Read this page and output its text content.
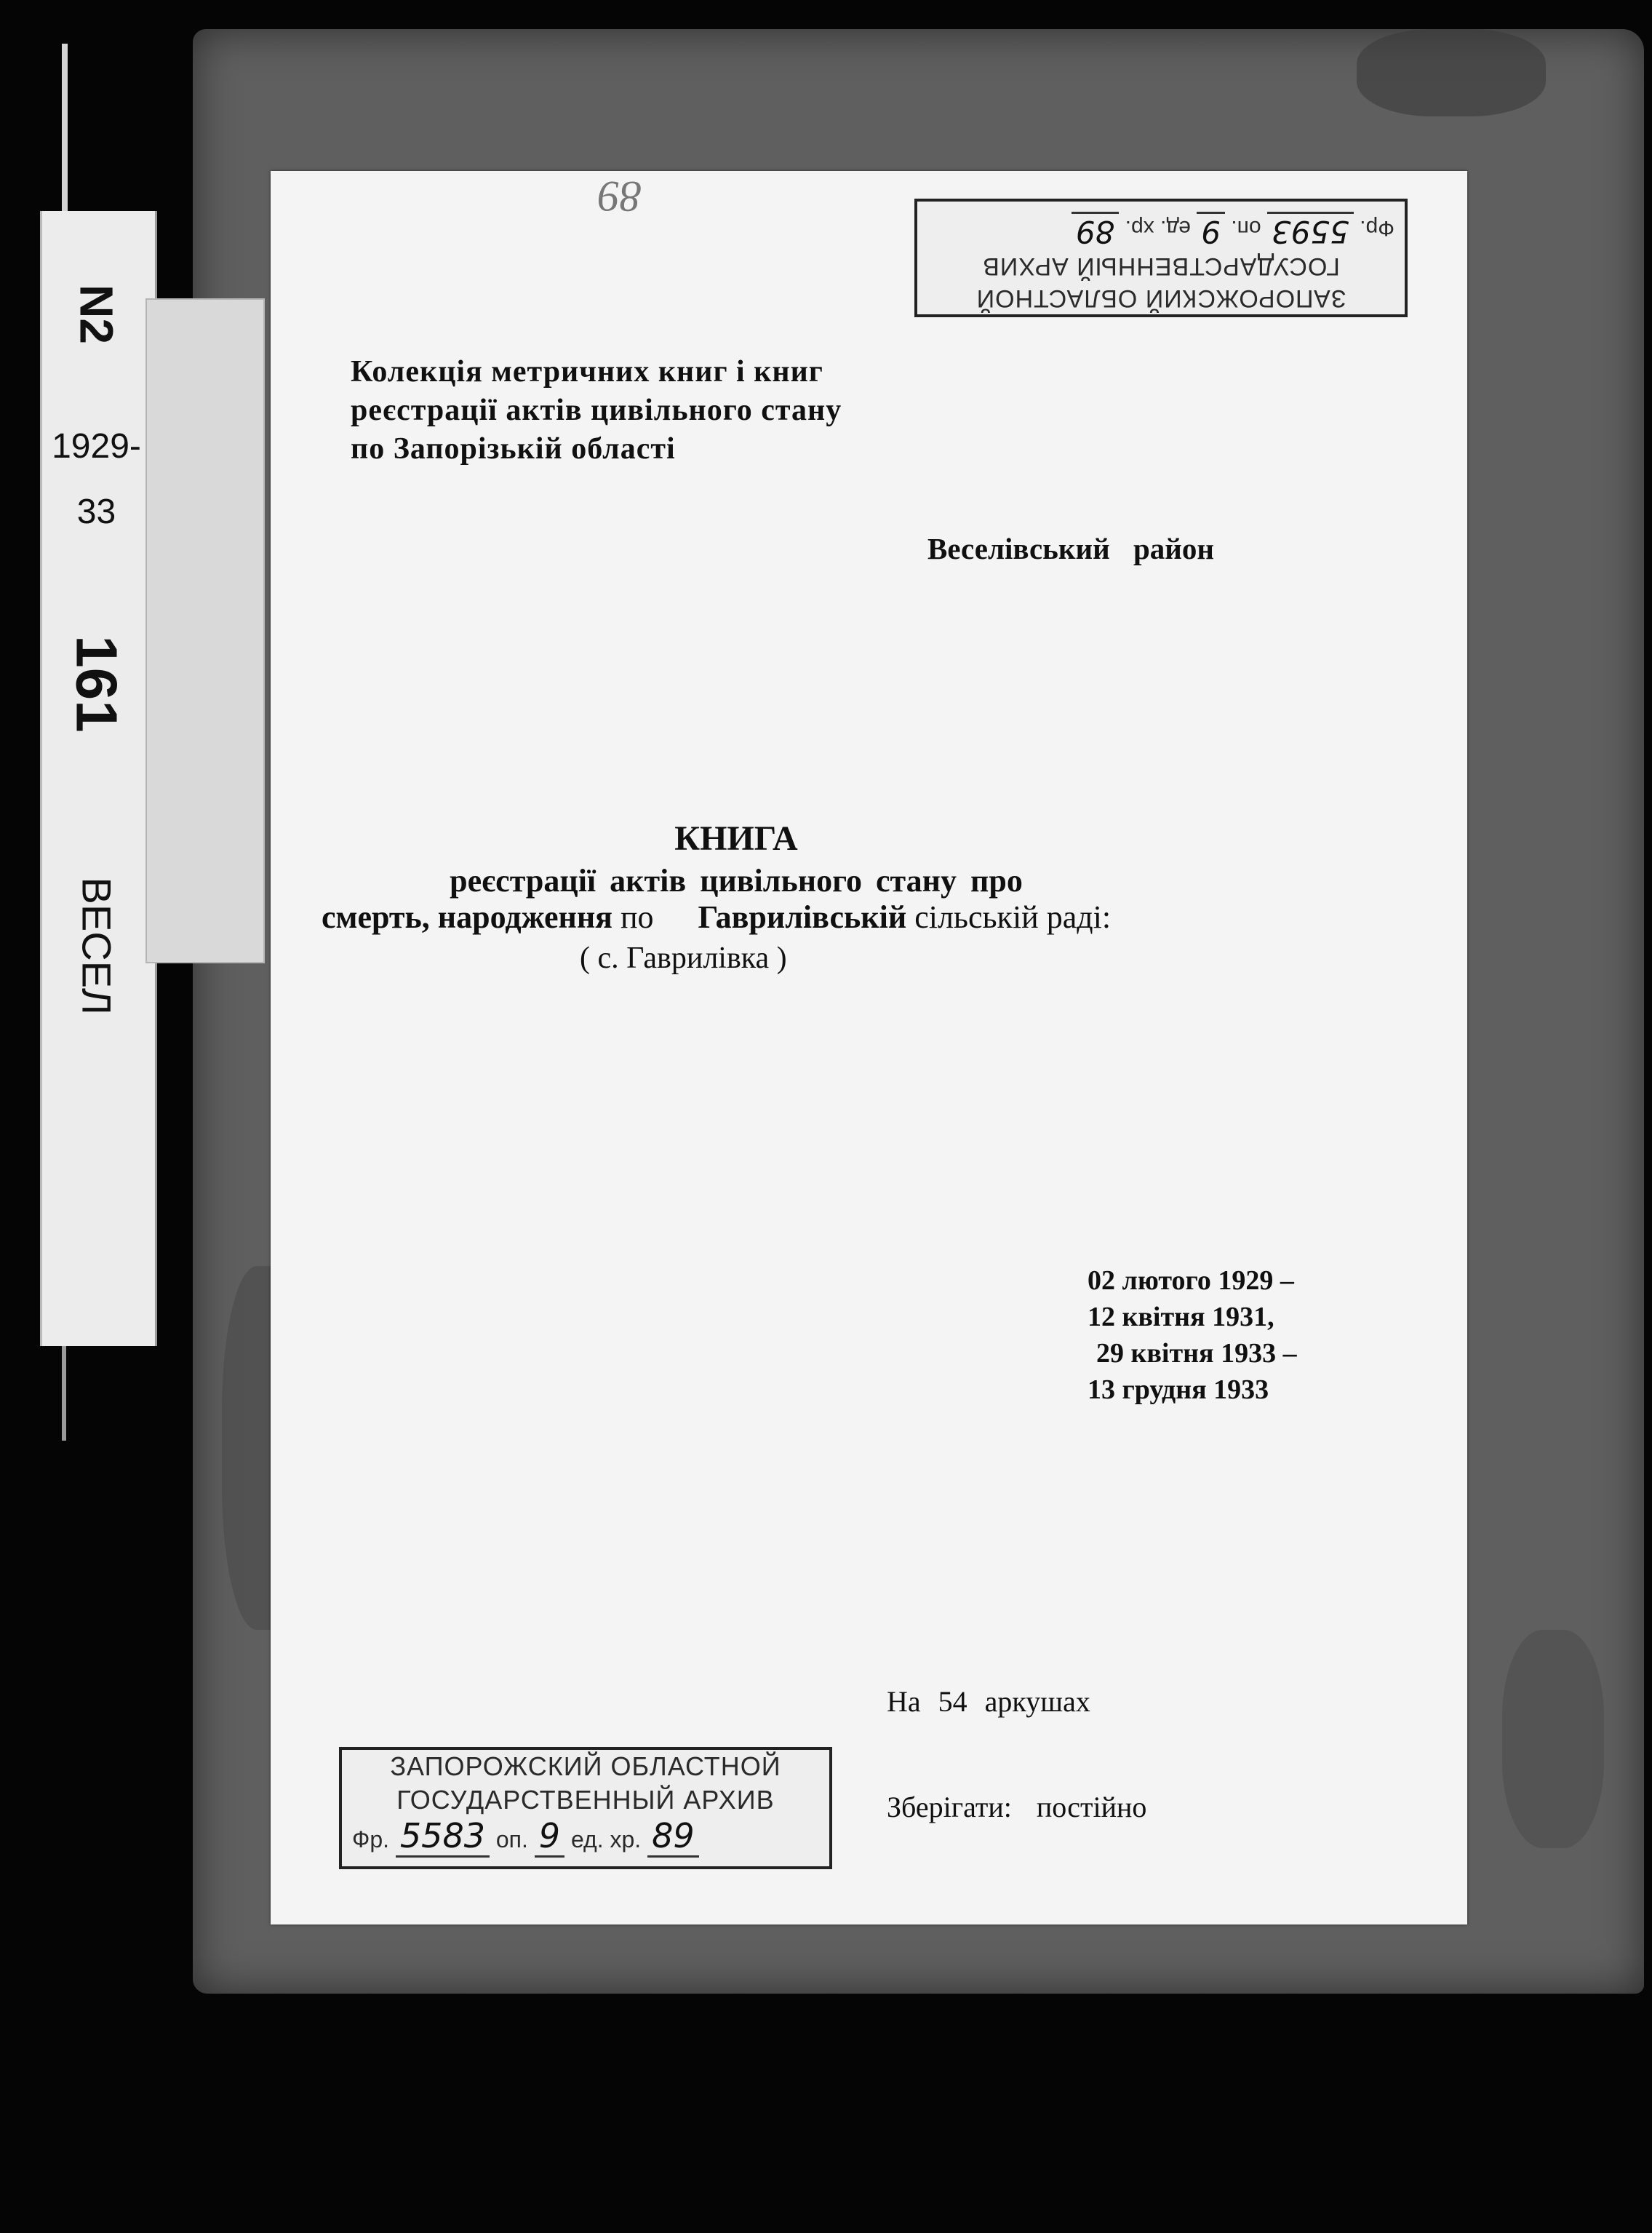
N2
1929-
33
161
ВЕСЕЛ
89
ЗАПОРОЖСКИЙ ОБЛАСТНОЙ
ГОСУДАРСТВЕННЫЙ АРХИВ
Фр. 5593 оп. 9 ед. хр. 89
Колекція метричних книг і книг
реєстрації актів цивільного стану
по Запорізькій області
Веселівський район
КНИГА
реєстрації актів цивільного стану про
смерть, народження по Гаврилівській сільській раді:
( с. Гаврилівка )
02 лютого 1929 –
12 квітня 1931,
29 квітня 1933 –
13 грудня 1933
На 54 аркушах
Зберігати: постійно
ЗАПОРОЖСКИЙ ОБЛАСТНОЙ
ГОСУДАРСТВЕННЫЙ АРХИВ
Фр. 5583 оп. 9 ед. хр. 89
